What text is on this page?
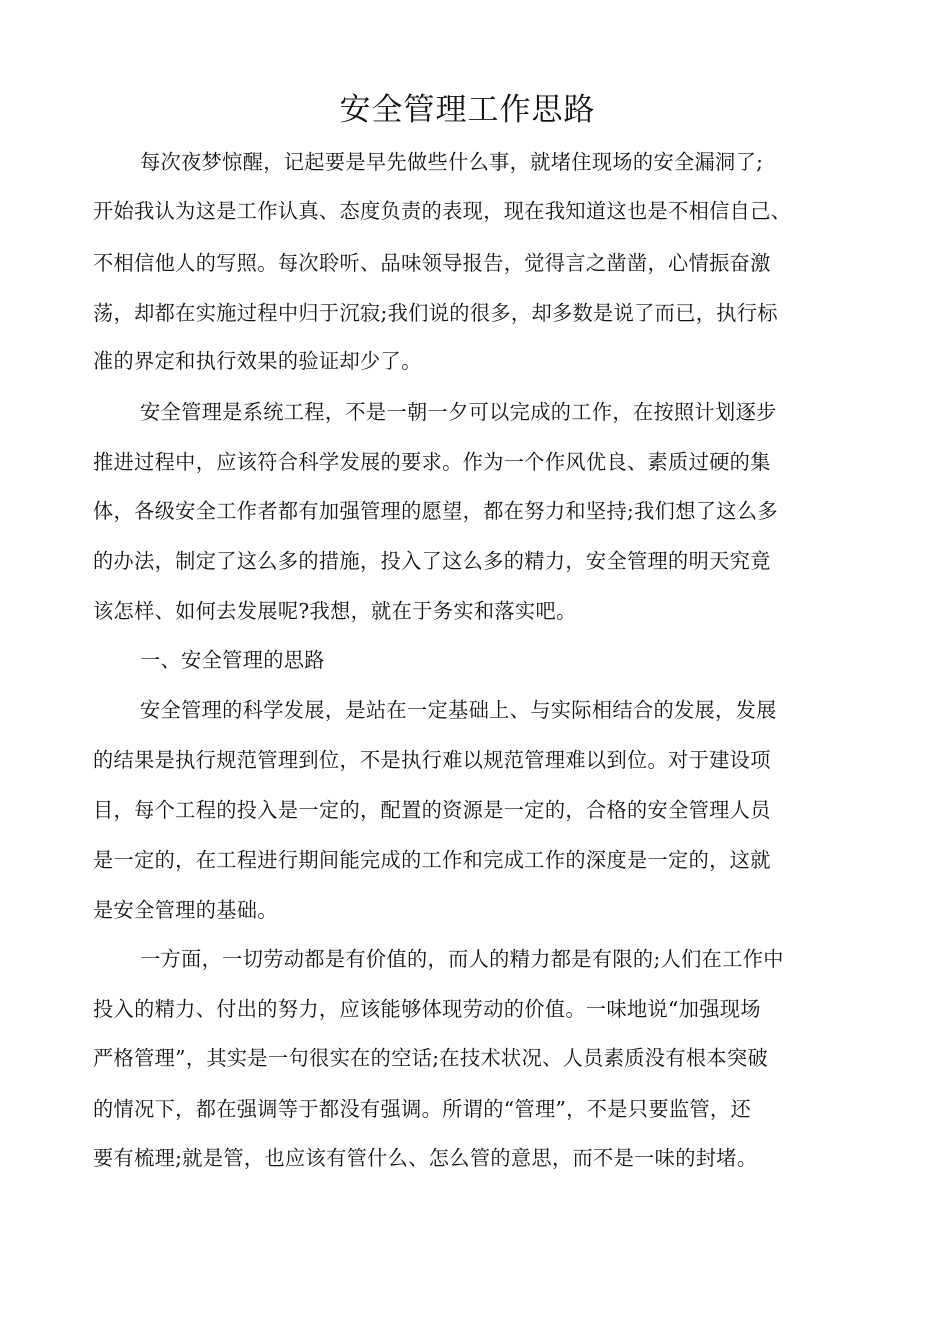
安全管理工作思路
每次夜梦惊醒，记起要是早先做些什么事，就堵住现场的安全漏洞了;
开始我认为这是工作认真、态度负责的表现，现在我知道这也是不相信自己、
不相信他人的写照。每次聆听、品味领导报告，觉得言之凿凿，心情振奋激
荡，却都在实施过程中归于沉寂;我们说的很多，却多数是说了而已，执行标
准的界定和执行效果的验证却少了。
安全管理是系统工程，不是一朝一夕可以完成的工作，在按照计划逐步
推进过程中，应该符合科学发展的要求。作为一个作风优良、素质过硬的集
体，各级安全工作者都有加强管理的愿望，都在努力和坚持;我们想了这么多
的办法，制定了这么多的措施，投入了这么多的精力，安全管理的明天究竟
该怎样、如何去发展呢?我想，就在于务实和落实吧。
一、安全管理的思路
安全管理的科学发展，是站在一定基础上、与实际相结合的发展，发展
的结果是执行规范管理到位，不是执行难以规范管理难以到位。对于建设项
目，每个工程的投入是一定的，配置的资源是一定的，合格的安全管理人员
是一定的，在工程进行期间能完成的工作和完成工作的深度是一定的，这就
是安全管理的基础。
一方面，一切劳动都是有价值的，而人的精力都是有限的;人们在工作中
投入的精力、付出的努力，应该能够体现劳动的价值。一味地说“加强现场
严格管理”，其实是一句很实在的空话;在技术状况、人员素质没有根本突破
的情况下，都在强调等于都没有强调。所谓的“管理”，不是只要监管，还
要有梳理;就是管，也应该有管什么、怎么管的意思，而不是一味的封堵。
